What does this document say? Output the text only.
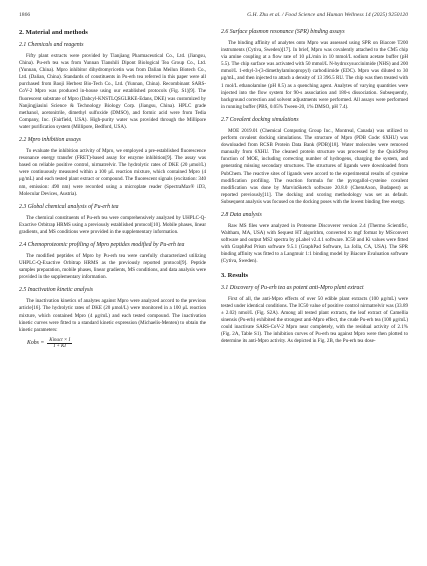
1866	G.H. Zhu et al. / Food Science and Human Wellness 14 (2025) 9250120
2. Material and methods
2.1 Chemicals and reagents

Fifty plant extracts were provided by Tianjiang Pharmaceutical Co., Ltd. (Jiangsu, China). Pu-erh tea was from Yunnan Tianshili Dipont Biological Tea Group Co., Ltd. (Yunnan, China). Mpro inhibitor dihydromyricetin was from Dalian Meilun Biotech Co., Ltd. (Dalian, China). Standards of constituents in Pu-erh tea referred in this paper were all purchased from Baoji Herbest Bio-Tech Co., Ltd. (Yunnan, China). Recombinant SARS-CoV-2 Mpro was produced in-house using our established protocols (Fig. S1)[9]. The fluorescent substrate of Mpro (Dabcyl-KNSTLQSGLRKE-Edans, DKE) was customized by Nanjingjiasini Science & Technology Biology Corp. (Jiangsu, China). HPLC grade methanol, acetonitrile, dimethyl sulfoxide (DMSO), and formic acid were from Tedia Company, Inc. (Fairfield, USA). High-purity water was provided through the Millipore water purification system (Millipore, Bedford, USA).

2.2 Mpro inhibition assays

To evaluate the inhibition activity of Mpro, we employed a pre-established fluorescence resonance energy transfer (FRET)-based assay for enzyme inhibition[9]. The assay was based on reliable positive control, nirmatrelvir. The hydrolytic rates of DKE (20 μmol/L) were continuously measured within a 100 μL reaction mixture, which contained Mpro (4 μg/mL) and each tested plant extract or compound. The fluorescent signals (excitation: 340 nm, emission: 490 nm) were recorded using a microplate reader (SpectraMax® iD3, Molecular Devices, Austria).

2.3 Global chemical analysis of Pu-erh tea

The chemical constituents of Pu-erh tea were comprehensively analyzed by UHPLC-Q-Exactive Orbitrap HRMS using a previously established protocol[10]. Mobile phases, linear gradients, and MS conditions were provided in the supplementary information.

2.4 Chemoproteomic profiling of Mpro peptides modified by Pu-erh tea

The modified peptides of Mpro by Pu-erh tea were carefully characterized utilizing UHPLC-Q-Exactive Orbitrap HRMS as the previously reported protocol[9]. Peptide samples preparation, mobile phases, linear gradients, MS conditions, and data analysis were provided in the supplementary information.

2.5 Inactivation kinetic analysis

The inactivation kinetics of analytes against Mpro were analyzed accord to the previous article[16]. The hydrolytic rates of DKE (20 μmol/L) were monitored in a 100 μL reaction mixture, which contained Mpro (4 μg/mL) and each tested compound. The inactivation kinetic curves were fitted to a standard kinetic expression (Michaelis-Menten) to obtain the kinetic parameters:

Kobs = $\frac{\text{Kinact × I}}{I + KI}$
2.6 Surface plasmon resonance (SPR) binding assays

The binding affinity of analytes onto Mpro was assessed using SPR on Biacore T200 instruments (Cytiva, Sweden)[17]. In brief, Mpro was covalently attached to the CM5 chip via amine coupling at a flow rate of 10 μL/min in 10 mmol/L sodium acetate buffer (pH 5.5). The chip surface was activated with 50 mmol/L N-hydroxysuccinimide (NHS) and 200 mmol/L 1-ethyl-3-(3-dimethylaminopropyl) carbodiimide (EDC). Mpro was diluted to 30 μg/mL, and then injected to attach a density of 13 396.5 RU. The chip was then treated with 1 mol/L ethanolamine (pH 8.5) as a quenching agent. Analytes of varying quantities were injected into the flow system for 90-s association and 180-s dissociation. Subsequently, background correction and solvent adjustments were performed. All assays were performed in running buffer (PBS, 0.05% Tween-20, 1% DMSO, pH 7.4).

2.7 Covalent docking simulations

MOE 2019.01 (Chemical Computing Group Inc., Montreal, Canada) was utilized to perform covalent docking simulations. The structure of Mpro (PDB Code: 6XHU) was downloaded from RCSB Protein Data Bank (PDB)[18]. Water molecules were removed manually from 6XHU. The cleaned protein structure was processed by the QuickPrep function of MOE, including correcting number of hydrogens, charging the system, and generating missing secondary structures. The structures of ligands were downloaded from PubChem. The reactive sites of ligands were accord to the experimental results of cysteine modification profiling. The reaction formula for the pyrogallol-cysteine covalent modification was done by MarvinSketch software 20.8.0 (ChemAxon, Budapest) as reported previously[11]. The docking and scoring methodology was set as default. Subsequent analysis was focused on the docking poses with the lowest binding free energy.

2.8 Data analysis

Raw MS files were analyzed in Proteome Discoverer version 2.4 (Thermo Scientific, Waltham, MA, USA) with Sequest HT algorithm, converted to mgf format by MSconvert software and output MS2 spectra by pLabel v2.4.1 software. IC50 and Ki values were fitted with GraphPad Prism software 9.5.1 (GraphPad Software, La Jolla, CA, USA). The SPR binding affinity was fitted to a Langmuir 1:1 binding model by Biacore Evaluation software (Cytiva, Sweden).

3. Results
3.1 Discovery of Pu-erh tea as potent anti-Mpro plant extract

First of all, the anti-Mpro effects of over 50 edible plant extracts (100 μg/mL) were tested under identical conditions. The IC50 value of positive control nirmatrelvir was (33.89 ± 2.02) nmol/L (Fig. S2A). Among all tested plant extracts, the leaf extract of Camellia sinensis (Pu-erh) exhibited the strongest anti-Mpro effect, the crude Pu-erh tea (100 μg/mL) could inactivate SARS-CoV-2 Mpro near completely, with the residual activity of 2.1% (Fig. 2A, Table S1). The inhibition curves of Pu-erh tea against Mpro were then plotted to determine its anti-Mpro activity. As depicted in Fig. 2B, the Pu-erh tea dose-
